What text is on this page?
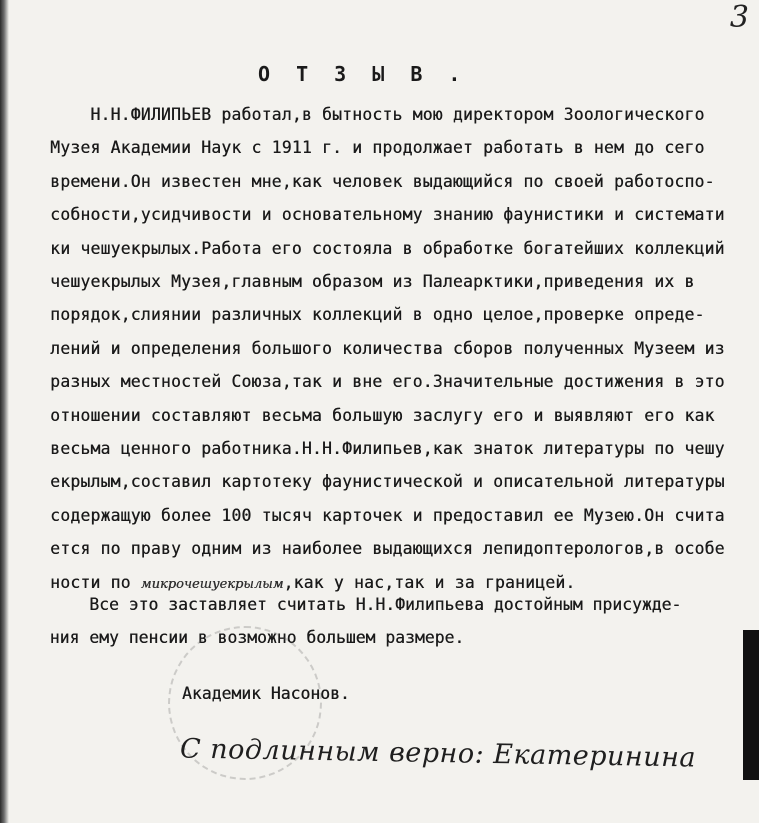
3
О Т З Ы В .
Н.Н.ФИЛИПЬЕВ работал,в бытность мою директором Зоологического
Музея Академии Наук с 1911 г. и продолжает работать в нем до сего
времени.Он известен мне,как человек выдающийся по своей работоспо-
собности,усидчивости и основательному знанию фаунистики и системати
ки чешуекрылых.Работа его состояла в обработке богатейших коллекций
чешуекрылых Музея,главным образом из Палеарктики,приведения их в
порядок,слиянии различных коллекций в одно целое,проверке опреде-
лений и определения большого количества сборов полученных Музеем из
разных местностей Союза,так и вне его.Значительные достижения в это
отношении составляют весьма большую заслугу его и выявляют его как
весьма ценного работника.Н.Н.Филипьев,как знаток литературы по чешу
екрылым,составил картотеку фаунистической и описательной литературы
содержащую более 100 тысяч карточек и предоставил ее Музею.Он счита
ется по праву одним из наиболее выдающихся лепидоптерологов,в особе
ности по микрочешуекрылым,как у нас,так и за границей.
Все это заставляет считать Н.Н.Филипьева достойным присужде-
ния ему пенсии в возможно большем размере.
Академик Насонов.
С подлинным верно: Екатеринина
